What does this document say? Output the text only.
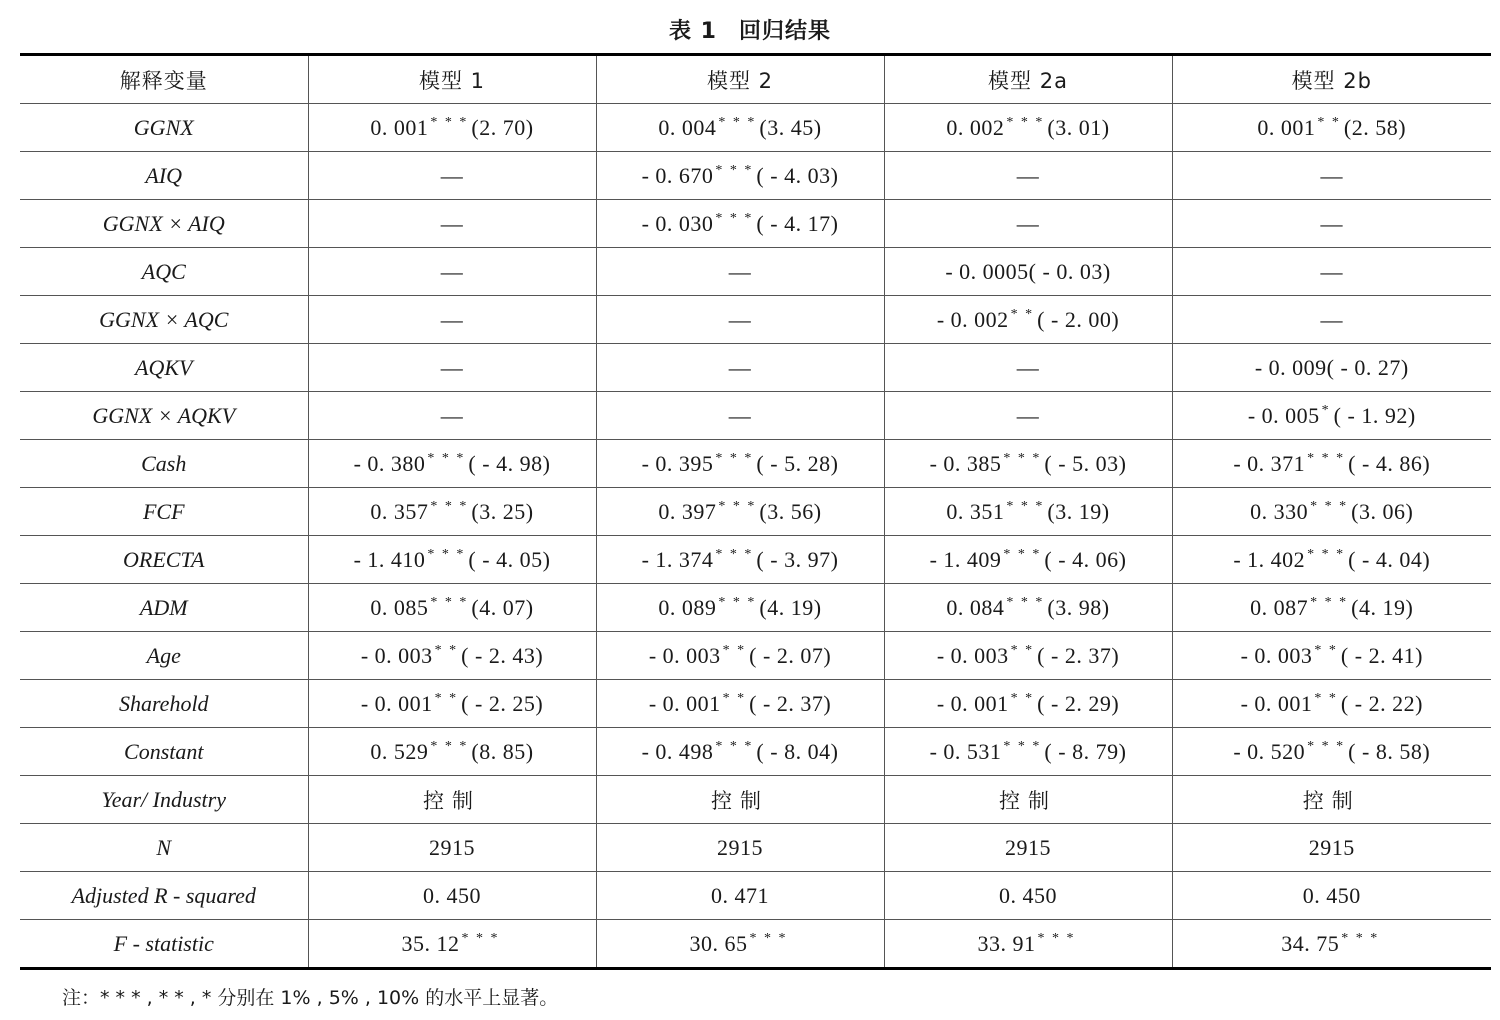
表 1 回归结果
解释变量	模型 1	模型 2	模型 2a	模型 2b
GGNX	0. 001 * * * (2. 70)	0. 004 * * * (3. 45)	0. 002 * * * (3. 01)	0. 001 * * (2. 58)
AIQ	—	- 0. 670 * * * ( - 4. 03)	—	—
GGNX × AIQ	—	- 0. 030 * * * ( - 4. 17)	—	—
AQC	—	—	- 0. 0005( - 0. 03)	—
GGNX × AQC	—	—	- 0. 002 * * ( - 2. 00)	—
AQKV	—	—	—	- 0. 009( - 0. 27)
GGNX × AQKV	—	—	—	- 0. 005 * ( - 1. 92)
Cash	- 0. 380 * * * ( - 4. 98)	- 0. 395 * * * ( - 5. 28)	- 0. 385 * * * ( - 5. 03)	- 0. 371 * * * ( - 4. 86)
FCF	0. 357 * * * (3. 25)	0. 397 * * * (3. 56)	0. 351 * * * (3. 19)	0. 330 * * * (3. 06)
ORECTA	- 1. 410 * * * ( - 4. 05)	- 1. 374 * * * ( - 3. 97)	- 1. 409 * * * ( - 4. 06)	- 1. 402 * * * ( - 4. 04)
ADM	0. 085 * * * (4. 07)	0. 089 * * * (4. 19)	0. 084 * * * (3. 98)	0. 087 * * * (4. 19)
Age	- 0. 003 * * ( - 2. 43)	- 0. 003 * * ( - 2. 07)	- 0. 003 * * ( - 2. 37)	- 0. 003 * * ( - 2. 41)
Sharehold	- 0. 001 * * ( - 2. 25)	- 0. 001 * * ( - 2. 37)	- 0. 001 * * ( - 2. 29)	- 0. 001 * * ( - 2. 22)
Constant	0. 529 * * * (8. 85)	- 0. 498 * * * ( - 8. 04)	- 0. 531 * * * ( - 8. 79)	- 0. 520 * * * ( - 8. 58)
Year/ Industry	控制	控制	控制	控制
N	2915	2915	2915	2915
Adjusted R - squared	0. 450	0. 471	0. 450	0. 450
F - statistic	35. 12 * * *	30. 65 * * *	33. 91 * * *	34. 75 * * *
注：* * * , * * , * 分别在 1% , 5% , 10% 的水平上显著。
